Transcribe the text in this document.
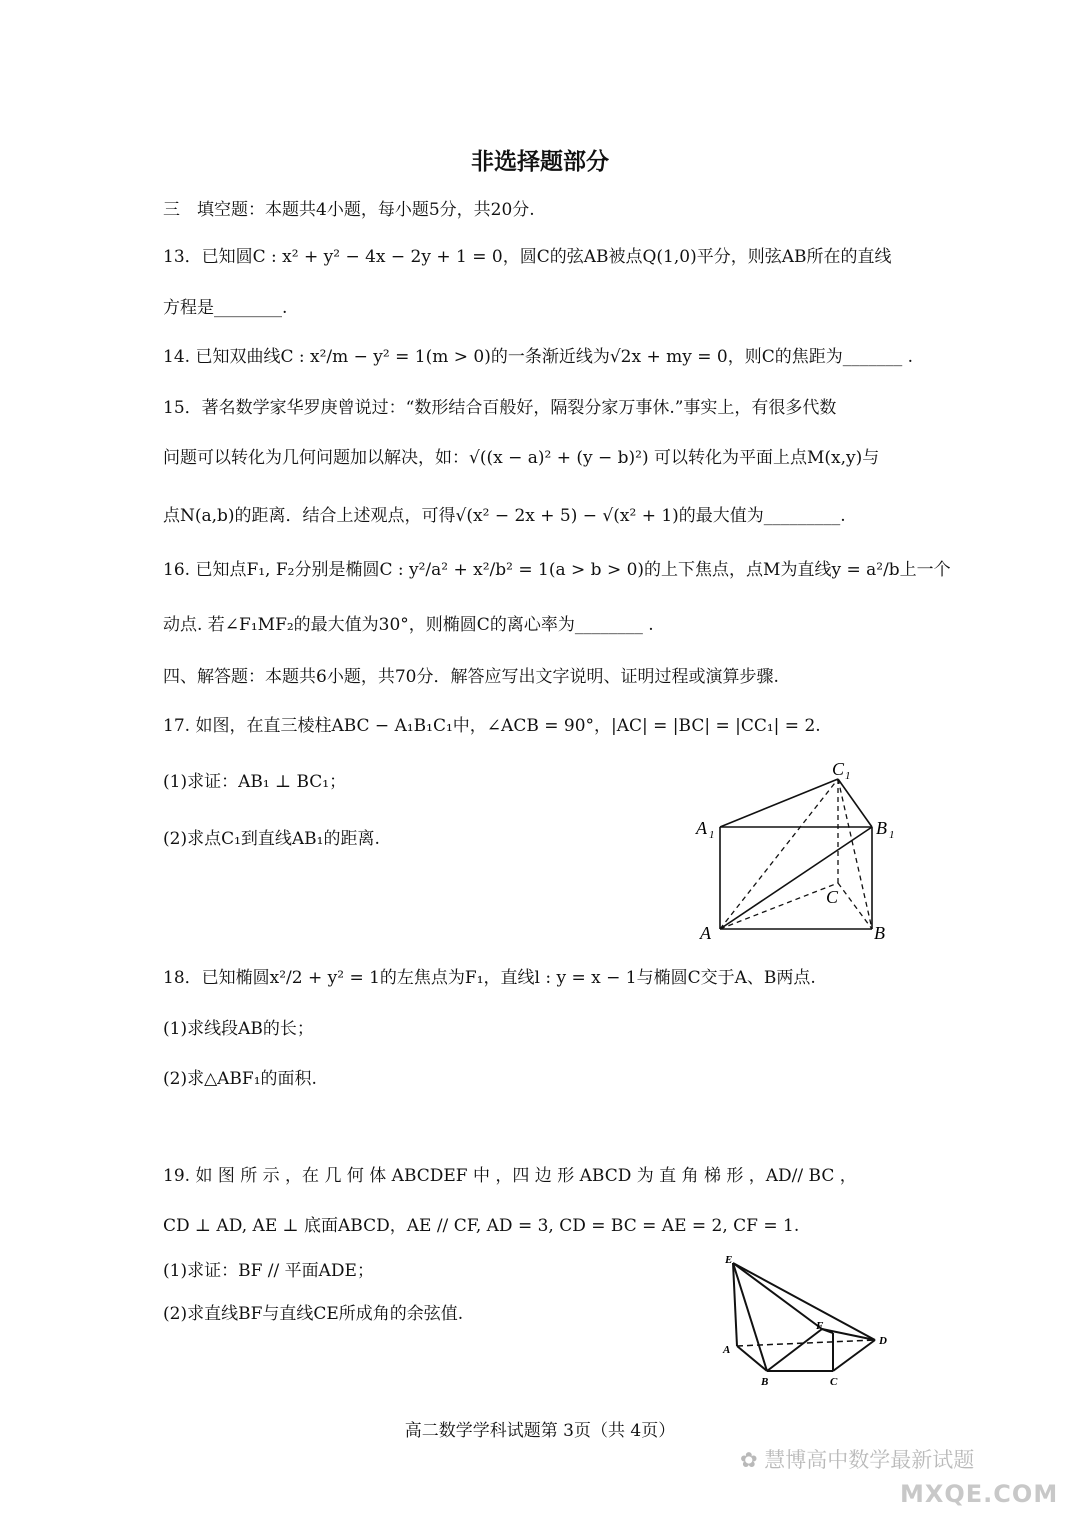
非选择题部分
三　填空题：本题共4小题，每小题5分，共20分.
13．已知圆C : x² + y² − 4x − 2y + 1 = 0，圆C的弦AB被点Q(1,0)平分，则弦AB所在的直线
方程是________.
14. 已知双曲线C : x²/m − y² = 1(m > 0)的一条渐近线为√2x + my = 0，则C的焦距为_______ .
15．著名数学家华罗庚曾说过：“数形结合百般好，隔裂分家万事休.”事实上，有很多代数
问题可以转化为几何问题加以解决，如：√((x − a)² + (y − b)²) 可以转化为平面上点M(x,y)与
点N(a,b)的距离．结合上述观点，可得√(x² − 2x + 5) − √(x² + 1)的最大值为_________.
16. 已知点F₁, F₂分别是椭圆C : y²/a² + x²/b² = 1(a > b > 0)的上下焦点，点M为直线y = a²/b上一个
动点. 若∠F₁MF₂的最大值为30°，则椭圆C的离心率为________ .
四、解答题：本题共6小题，共70分．解答应写出文字说明、证明过程或演算步骤.
17. 如图，在直三棱柱ABC − A₁B₁C₁中，∠ACB = 90°，|AC| = |BC| = |CC₁| = 2.
(1)求证：AB₁ ⊥ BC₁；
(2)求点C₁到直线AB₁的距离.
A 1	B 1
C 1
A	B
C
18．已知椭圆x²/2 + y² = 1的左焦点为F₁，直线l : y = x − 1与椭圆C交于A、B两点.
(1)求线段AB的长；
(2)求△ABF₁的面积.
19. 如 图 所 示 ，在 几 何 体 ABCDEF 中 ，四 边 形 ABCD 为 直 角 梯 形 ，AD// BC ，
CD ⊥ AD, AE ⊥ 底面ABCD，AE // CF, AD = 3, CD = BC = AE = 2, CF = 1.
(1)求证：BF // 平面ADE；
(2)求直线BF与直线CE所成角的余弦值.
E
A
B	C
D
F
高二数学学科试题第 3页（共 4页）
✿ 慧博高中数学最新试题
MXQE.COM
